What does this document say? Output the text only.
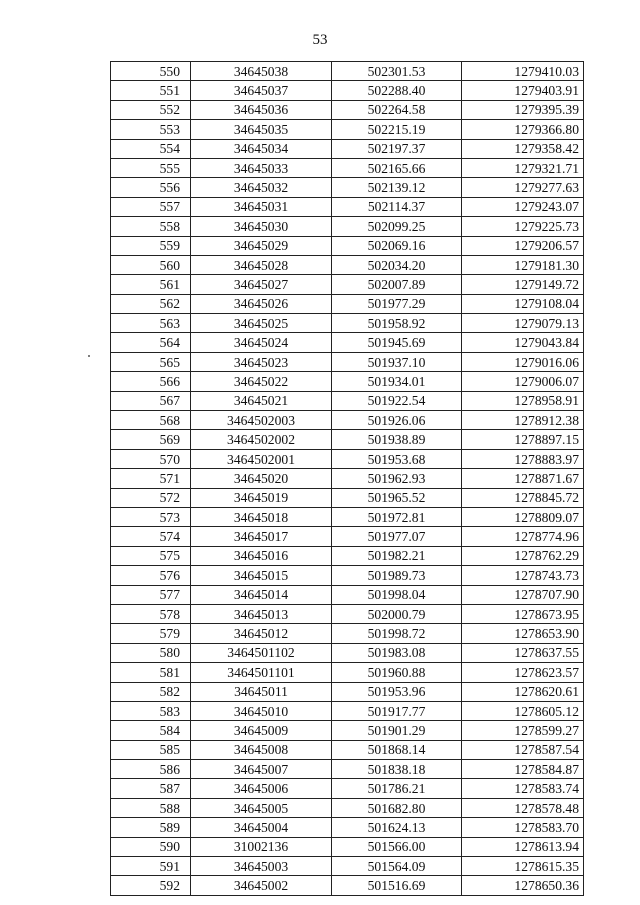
53
550	34645038	502301.53	1279410.03
551	34645037	502288.40	1279403.91
552	34645036	502264.58	1279395.39
553	34645035	502215.19	1279366.80
554	34645034	502197.37	1279358.42
555	34645033	502165.66	1279321.71
556	34645032	502139.12	1279277.63
557	34645031	502114.37	1279243.07
558	34645030	502099.25	1279225.73
559	34645029	502069.16	1279206.57
560	34645028	502034.20	1279181.30
561	34645027	502007.89	1279149.72
562	34645026	501977.29	1279108.04
563	34645025	501958.92	1279079.13
564	34645024	501945.69	1279043.84
565	34645023	501937.10	1279016.06
566	34645022	501934.01	1279006.07
567	34645021	501922.54	1278958.91
568	3464502003	501926.06	1278912.38
569	3464502002	501938.89	1278897.15
570	3464502001	501953.68	1278883.97
571	34645020	501962.93	1278871.67
572	34645019	501965.52	1278845.72
573	34645018	501972.81	1278809.07
574	34645017	501977.07	1278774.96
575	34645016	501982.21	1278762.29
576	34645015	501989.73	1278743.73
577	34645014	501998.04	1278707.90
578	34645013	502000.79	1278673.95
579	34645012	501998.72	1278653.90
580	3464501102	501983.08	1278637.55
581	3464501101	501960.88	1278623.57
582	34645011	501953.96	1278620.61
583	34645010	501917.77	1278605.12
584	34645009	501901.29	1278599.27
585	34645008	501868.14	1278587.54
586	34645007	501838.18	1278584.87
587	34645006	501786.21	1278583.74
588	34645005	501682.80	1278578.48
589	34645004	501624.13	1278583.70
590	31002136	501566.00	1278613.94
591	34645003	501564.09	1278615.35
592	34645002	501516.69	1278650.36
